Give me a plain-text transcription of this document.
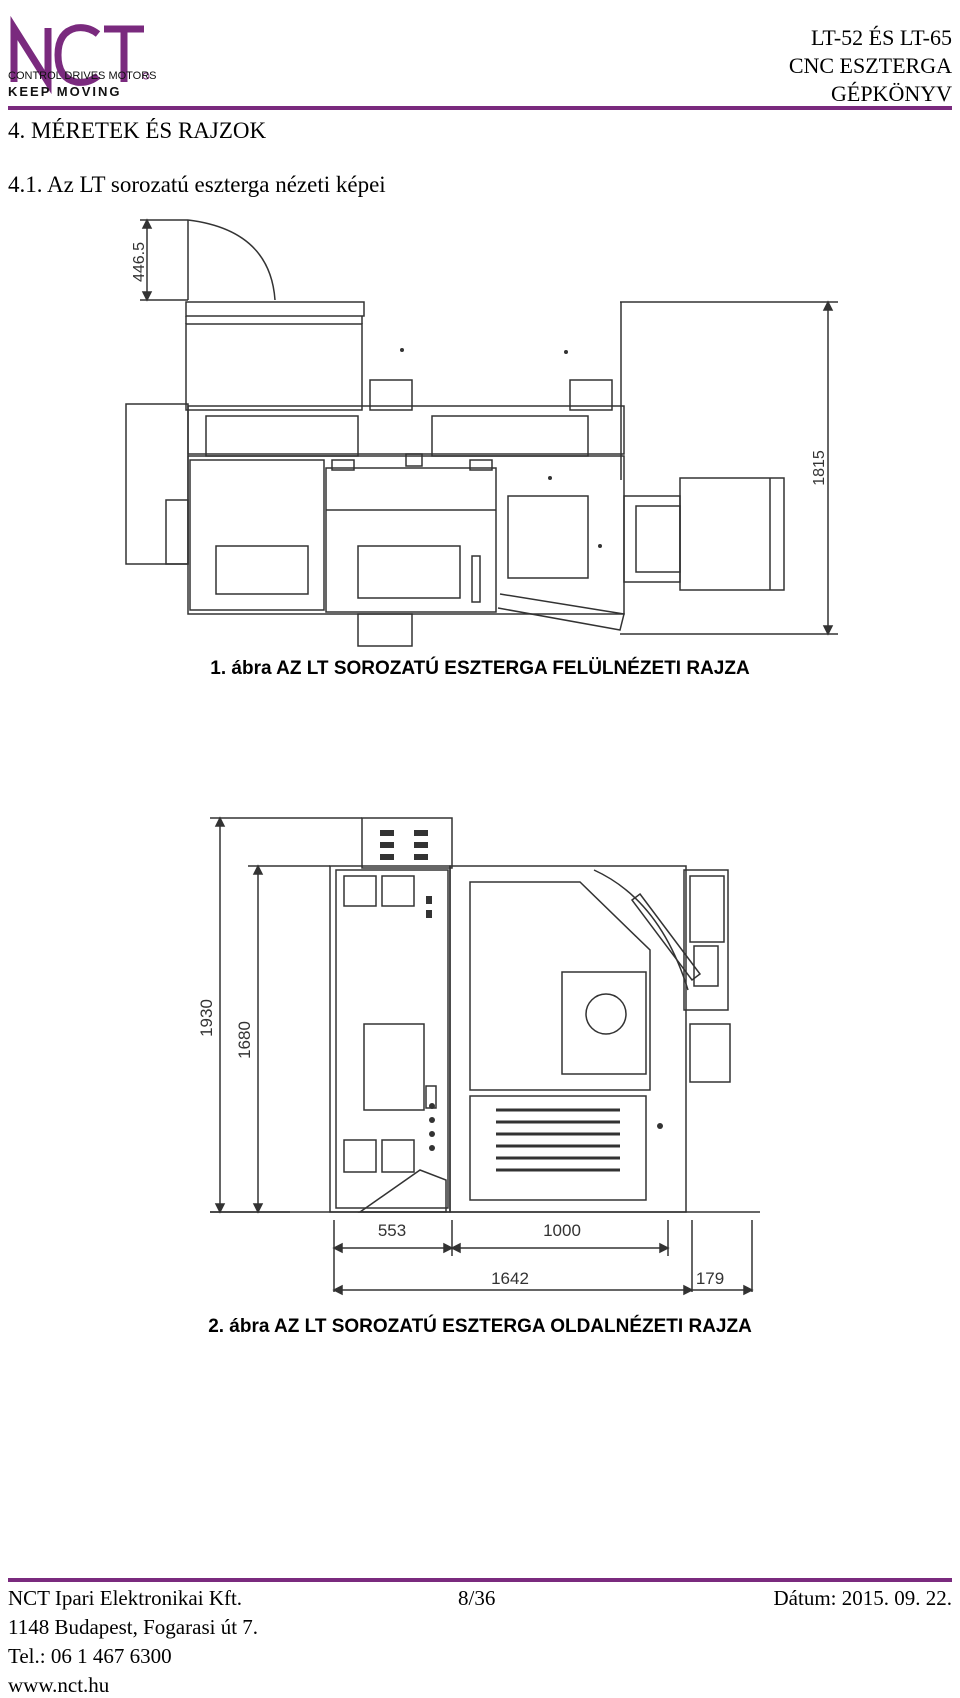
CONTROL DRIVES MOTORS
KEEP MOVING
LT-52 ÉS LT-65
CNC ESZTERGA
GÉPKÖNYV
4. MÉRETEK ÉS RAJZOK
4.1. Az LT sorozatú eszterga nézeti képei
446.5
1815
1. ábra AZ LT SOROZATÚ ESZTERGA FELÜLNÉZETI RAJZA
1930
1680
553	1000
1642	179
2. ábra AZ LT SOROZATÚ ESZTERGA OLDALNÉZETI RAJZA
NCT Ipari Elektronikai Kft.	8/36	Dátum: 2015. 09. 22.
1148 Budapest, Fogarasi út 7.
Tel.: 06 1 467 6300
www.nct.hu
